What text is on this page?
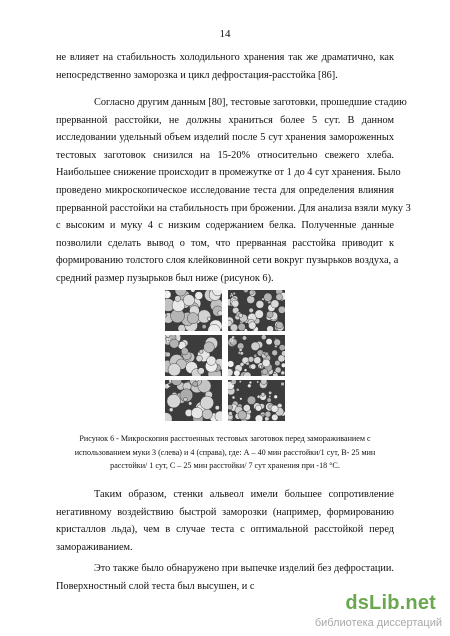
14

не влияет на стабильность холодильного хранения так же драматично, как
непосредственно заморозка и цикл дефростация-расстойка [86].

Согласно другим данным [80], тестовые заготовки, прошедшие стадию
прерванной расстойки, не должны храниться более 5 сут. В данном
исследовании удельный объем изделий после 5 сут хранения замороженных
тестовых заготовок снизился на 15-20% относительно свежего хлеба.
Наибольшее снижение происходит в промежутке от 1 до 4 сут хранения. Было
проведено микроскопическое исследование теста для определения влияния
прерванной расстойки на стабильность при брожении. Для анализа взяли муку 3
с высоким и муку 4 с низким содержанием белка. Полученные данные
позволили сделать вывод о том, что прерванная расстойка приводит к
формированию толстого слоя клейковинной сети вокруг пузырьков воздуха, а
средний размер пузырьков был ниже (рисунок 6).

A	A
B	B
C	C

Рисунок 6 - Микроскопия расстоенных тестовых заготовок перед замораживанием с
использованием муки 3 (слева) и 4 (справа), где: А – 40 мин расстойки/1 сут, В- 25 мин
расстойки/ 1 сут, С – 25 мин расстойки/ 7 сут хранения при -18 °С.

Таким образом, стенки альвеол имели большее сопротивление
негативному воздействию быстрой заморозки (например, формированию
кристаллов льда), чем в случае теста с оптимальной расстойкой перед
замораживанием.

Это также было обнаружено при выпечке изделий без дефростации.
Поверхностный слой теста был высушен, и с

dsLib.net
библиотека диссертаций
